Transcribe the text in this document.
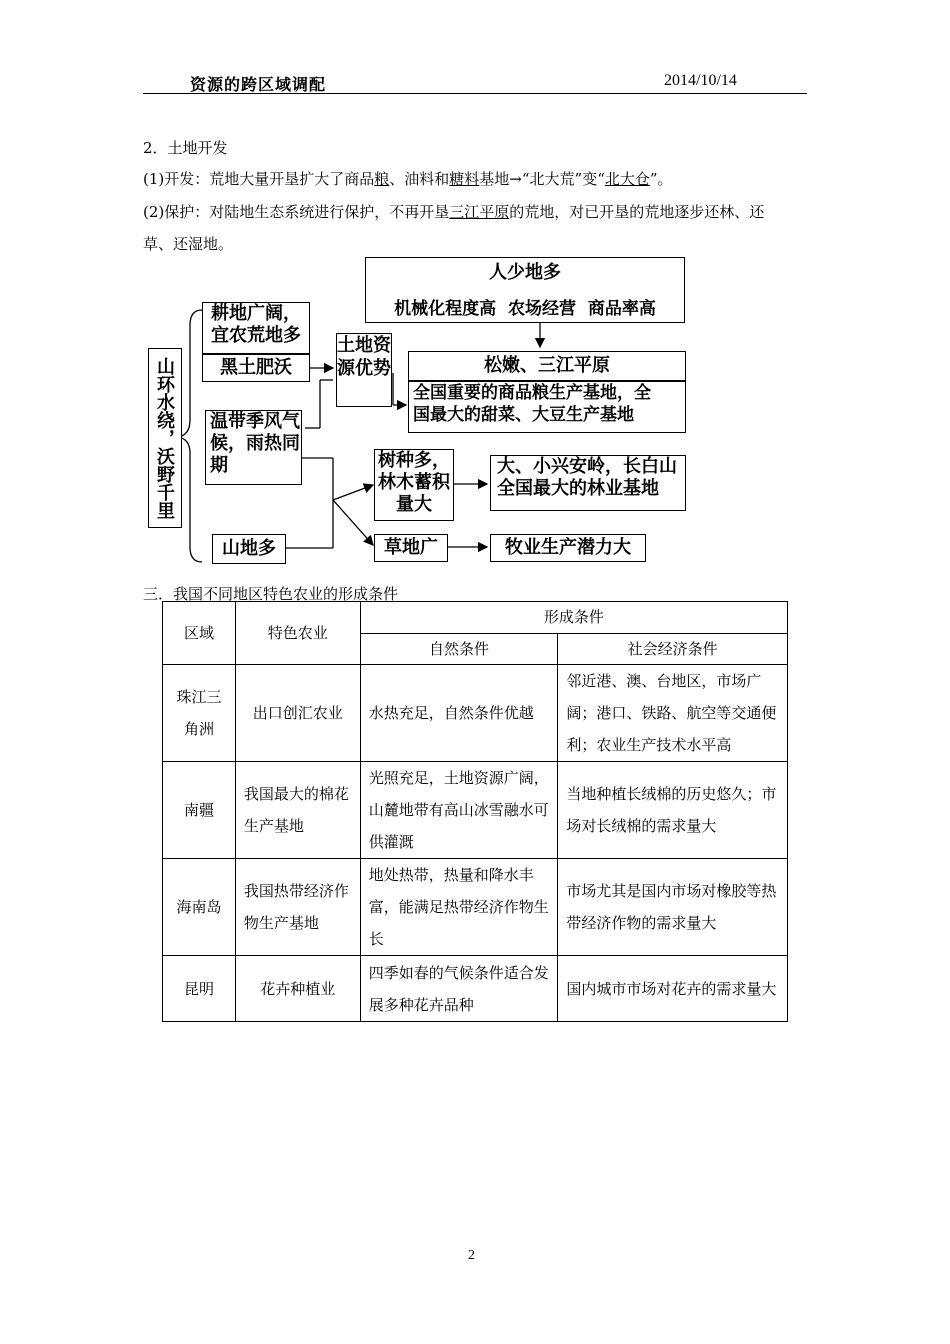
资源的跨区域调配	2014/10/14
2．土地开发
(1)开发：荒地大量开垦扩大了商品粮、油料和糖料基地→“北大荒”变“北大仓”。
(2)保护：对陆地生态系统进行保护，不再开垦三江平原的荒地，对已开垦的荒地逐步还林、还
草、还湿地。
山环水绕，沃野千里
耕地广阔，宜农荒地多
黑土肥沃
土地资源优势
人少地多
机械化程度高  农场经营  商品率高
松嫩、三江平原
全国重要的商品粮生产基地，全
国最大的甜菜、大豆生产基地
温带季风气候，雨热同期	树种多，林木蓄积量大
大、小兴安岭，长白山
全国最大的林业基地
山地多	草地广	牧业生产潜力大
三．我国不同地区特色农业的形成条件
区域	特色农业	形成条件	
		自然条件	社会经济条件
珠江三角洲	出口创汇农业	水热充足，自然条件优越	邻近港、澳、台地区，市场广阔；港口、铁路、航空等交通便利；农业生产技术水平高
南疆	我国最大的棉花生产基地	光照充足，土地资源广阔，山麓地带有高山冰雪融水可供灌溉	当地种植长绒棉的历史悠久；市场对长绒棉的需求量大
海南岛	我国热带经济作物生产基地	地处热带，热量和降水丰富，能满足热带经济作物生长	市场尤其是国内市场对橡胶等热带经济作物的需求量大
昆明	花卉种植业	四季如春的气候条件适合发展多种花卉品种	国内城市市场对花卉的需求量大
2
